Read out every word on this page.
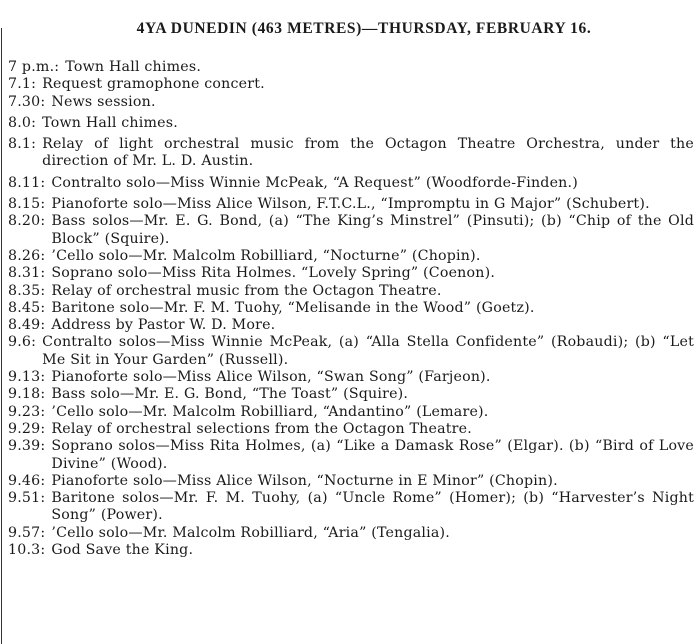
4YA DUNEDIN (463 METRES)—THURSDAY, FEBRUARY 16.
7 p.m.: Town Hall chimes.
7.1: Request gramophone concert.
7.30: News session.
8.0: Town Hall chimes.
8.1: Relay of light orchestral music from the Octagon Theatre Orchestra, under the direction of Mr. L. D. Austin.
8.11: Contralto solo—Miss Winnie McPeak, “A Request” (Woodforde-Finden.)
8.15: Pianoforte solo—Miss Alice Wilson, F.T.C.L., “Impromptu in G Major” (Schubert).
8.20: Bass solos—Mr. E. G. Bond, (a) “The King’s Minstrel” (Pinsuti); (b) “Chip of the Old Block” (Squire).
8.26: ’Cello solo—Mr. Malcolm Robilliard, “Nocturne” (Chopin).
8.31: Soprano solo—Miss Rita Holmes. “Lovely Spring” (Coenon).
8.35: Relay of orchestral music from the Octagon Theatre.
8.45: Baritone solo—Mr. F. M. Tuohy, “Melisande in the Wood” (Goetz).
8.49: Address by Pastor W. D. More.
9.6: Contralto solos—Miss Winnie McPeak, (a) “Alla Stella Confidente” (Robaudi); (b) “Let Me Sit in Your Garden” (Russell).
9.13: Pianoforte solo—Miss Alice Wilson, “Swan Song” (Farjeon).
9.18: Bass solo—Mr. E. G. Bond, “The Toast” (Squire).
9.23: ’Cello solo—Mr. Malcolm Robilliard, “Andantino” (Lemare).
9.29: Relay of orchestral selections from the Octagon Theatre.
9.39: Soprano solos—Miss Rita Holmes, (a) “Like a Damask Rose” (Elgar). (b) “Bird of Love Divine” (Wood).
9.46: Pianoforte solo—Miss Alice Wilson, “Nocturne in E Minor” (Chopin).
9.51: Baritone solos—Mr. F. M. Tuohy, (a) “Uncle Rome” (Homer); (b) “Harvester’s Night Song” (Power).
9.57: ’Cello solo—Mr. Malcolm Robilliard, “Aria” (Tengalia).
10.3: God Save the King.
